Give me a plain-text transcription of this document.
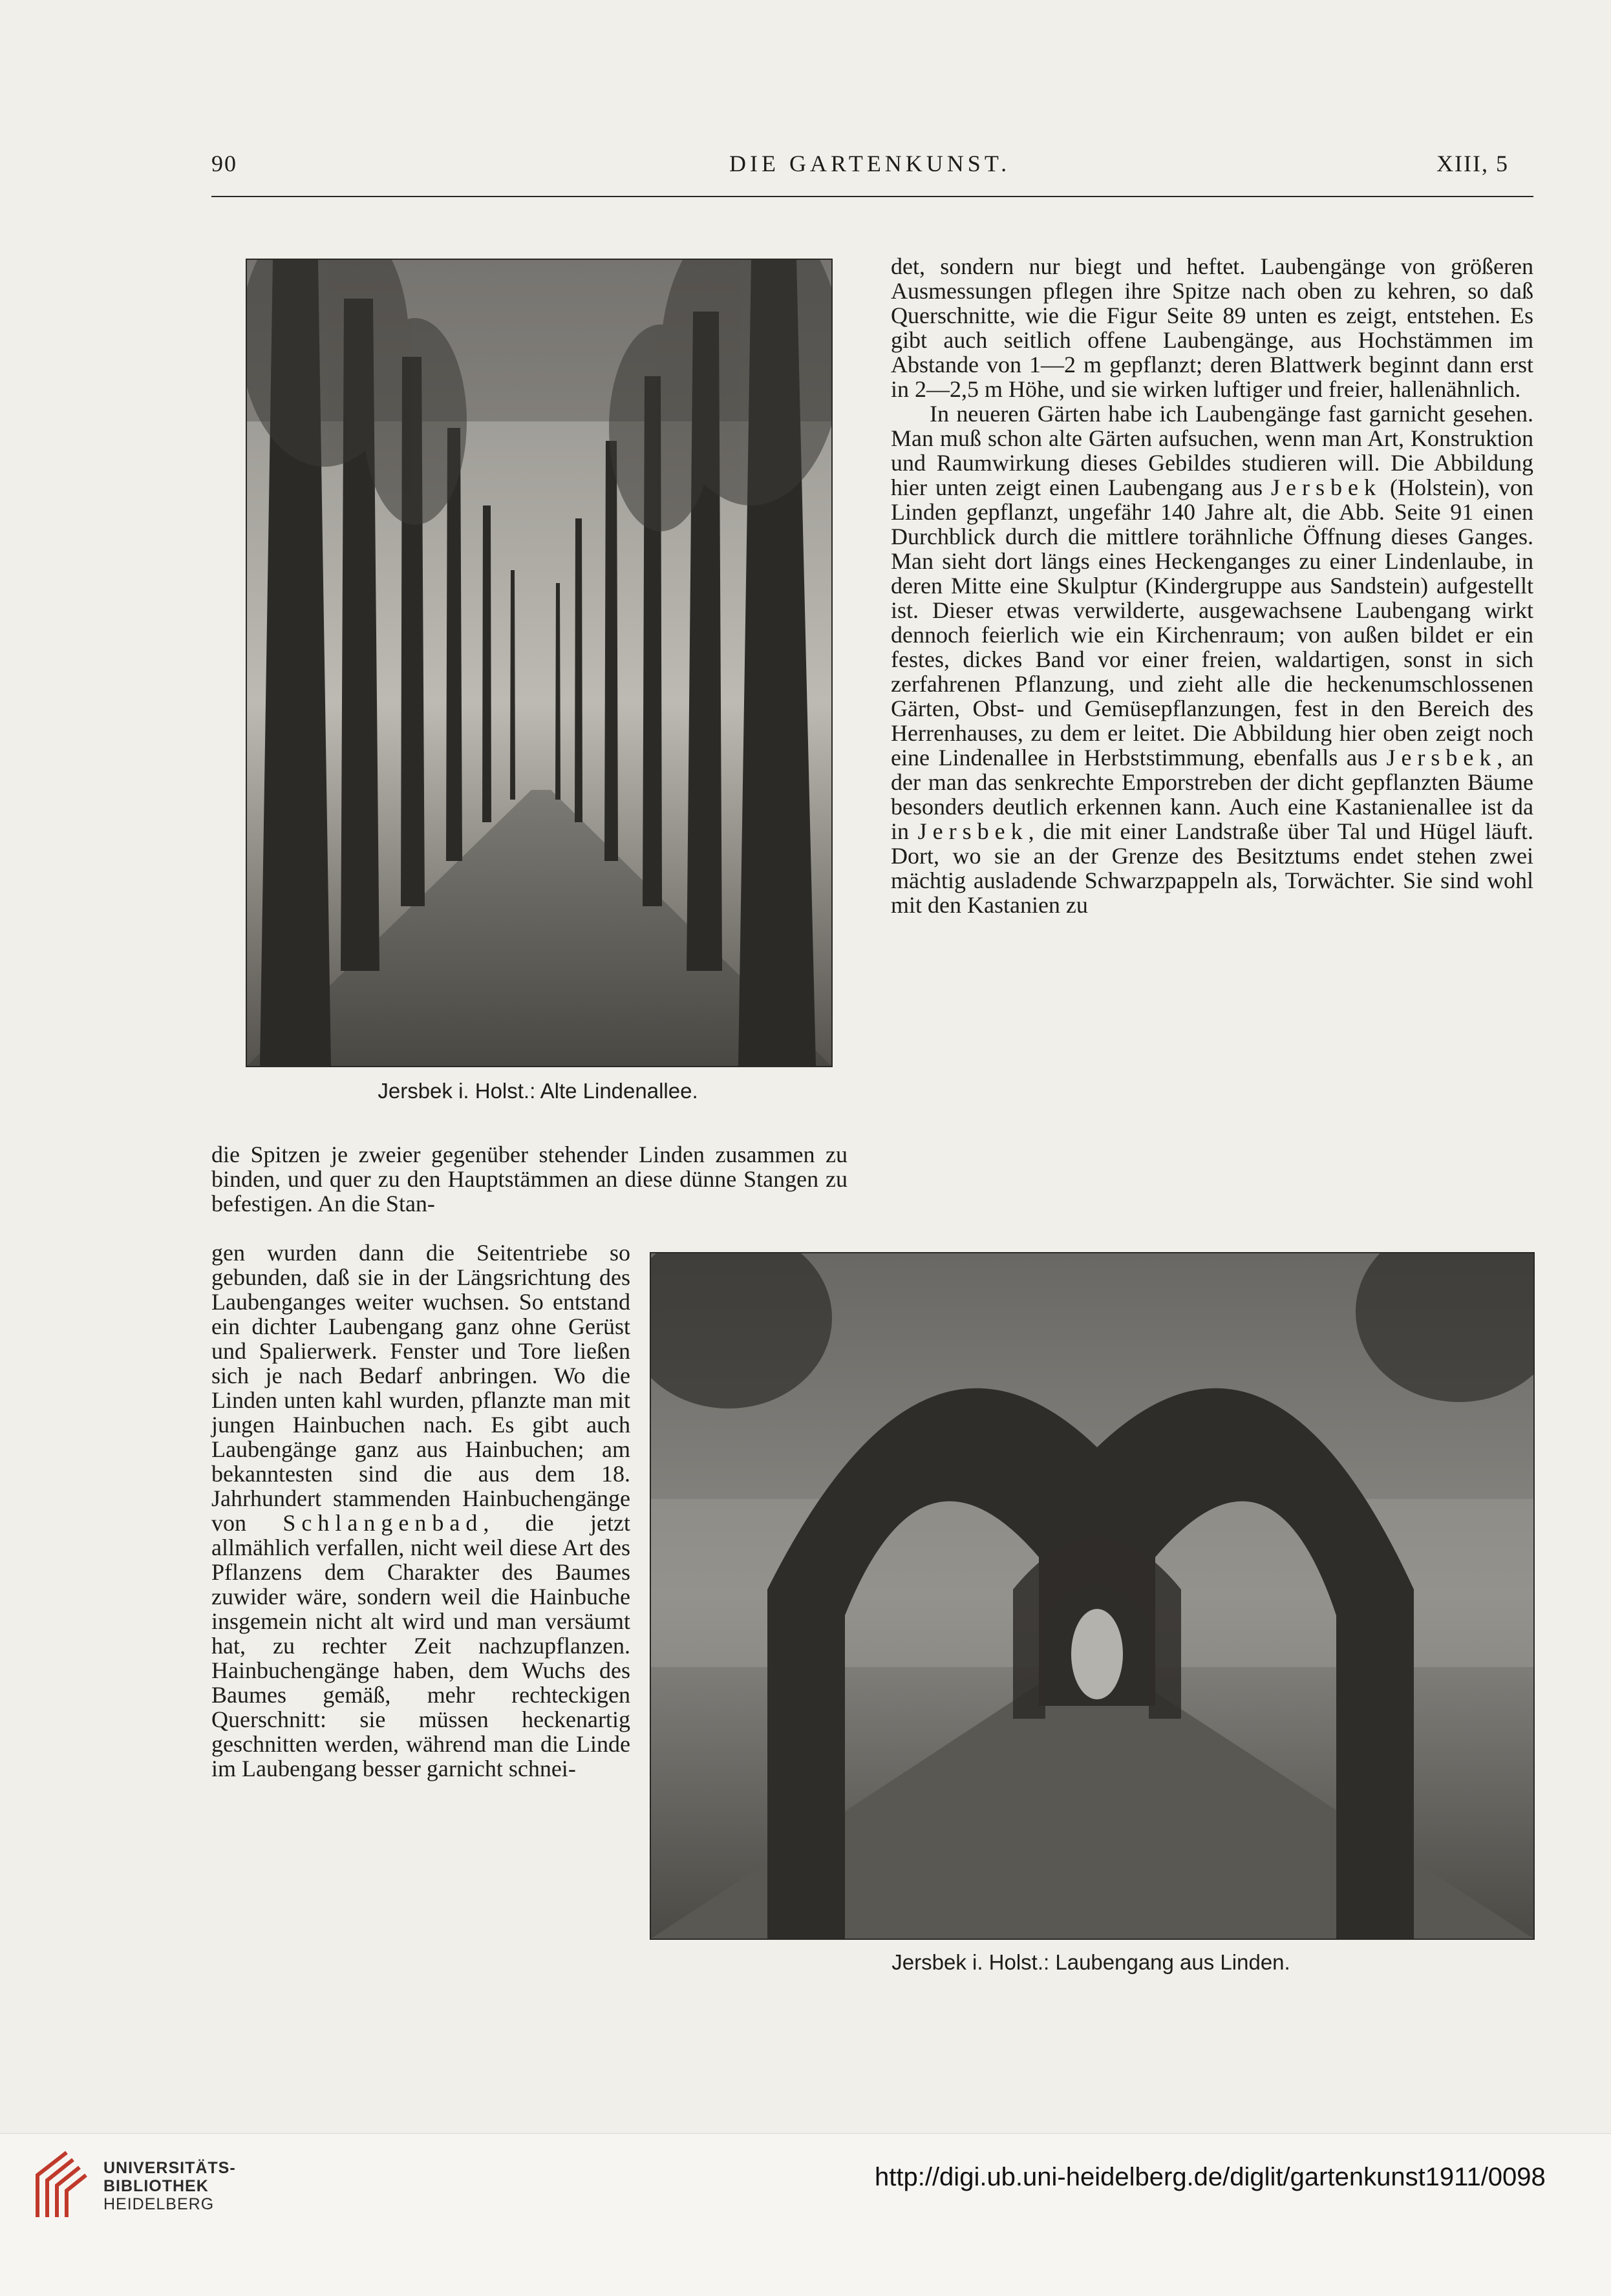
90	DIE GARTENKUNST.	XIII, 5
Jersbek i. Holst.: Alte Lindenallee.

det, sondern nur biegt und heftet. Laubengänge von größeren Ausmessungen pflegen ihre Spitze nach oben zu kehren, so daß Querschnitte, wie die Figur Seite 89 unten es zeigt, entstehen. Es gibt auch seitlich offene Laubengänge, aus Hochstämmen im Abstande von 1—2 m gepflanzt; deren Blattwerk beginnt dann erst in 2—2,5 m Höhe, und sie wirken luftiger und freier, hallenähnlich.

In neueren Gärten habe ich Laubengänge fast garnicht gesehen. Man muß schon alte Gärten aufsuchen, wenn man Art, Konstruktion und Raumwirkung dieses Gebildes studieren will. Die Abbildung hier unten zeigt einen Laubengang aus Jersbek (Holstein), von Linden gepflanzt, ungefähr 140 Jahre alt, die Abb. Seite 91 einen Durchblick durch die mittlere torähnliche Öffnung dieses Ganges. Man sieht dort längs eines Heckenganges zu einer Lindenlaube, in deren Mitte eine Skulptur (Kindergruppe aus Sandstein) aufgestellt ist. Dieser etwas verwilderte, ausgewachsene Laubengang wirkt dennoch feierlich wie ein Kirchenraum; von außen bildet er ein festes, dickes Band vor einer freien, waldartigen, sonst in sich zerfahrenen Pflanzung, und zieht alle die heckenumschlossenen Gärten, Obst- und Gemüsepflanzungen, fest in den Bereich des Herrenhauses, zu dem er leitet. Die Abbildung hier oben zeigt noch eine Lindenallee in Herbststimmung, ebenfalls aus Jersbek, an der man das senkrechte Emporstreben der dicht gepflanzten Bäume besonders deutlich erkennen kann. Auch eine Kastanienallee ist da in Jersbek, die mit einer Landstraße über Tal und Hügel läuft. Dort, wo sie an der Grenze des Besitztums endet stehen zwei mächtig ausladende Schwarzpappeln als, Torwächter. Sie sind wohl mit den Kastanien zu

die Spitzen je zweier gegenüber stehender Linden zusammen zu binden, und quer zu den Hauptstämmen an diese dünne Stangen zu befestigen. An die Stan-
gen wurden dann die Seitentriebe so gebunden, daß sie in der Längsrichtung des Laubenganges weiter wuchsen. So entstand ein dichter Laubengang ganz ohne Gerüst und Spalierwerk. Fenster und Tore ließen sich je nach Bedarf anbringen. Wo die Linden unten kahl wurden, pflanzte man mit jungen Hainbuchen nach. Es gibt auch Laubengänge ganz aus Hainbuchen; am bekanntesten sind die aus dem 18. Jahrhundert stammenden Hainbuchengänge von Schlangenbad, die jetzt allmählich verfallen, nicht weil diese Art des Pflanzens dem Charakter des Baumes zuwider wäre, sondern weil die Hainbuche insgemein nicht alt wird und man versäumt hat, zu rechter Zeit nachzupflanzen. Hainbuchengänge haben, dem Wuchs des Baumes gemäß, mehr rechteckigen Querschnitt: sie müssen heckenartig geschnitten werden, während man die Linde im Laubengang besser garnicht schnei-
Jersbek i. Holst.: Laubengang aus Linden.
UNIVERSITÄTS-
BIBLIOTHEK
HEIDELBERG
http://digi.ub.uni-heidelberg.de/diglit/gartenkunst1911/0098
